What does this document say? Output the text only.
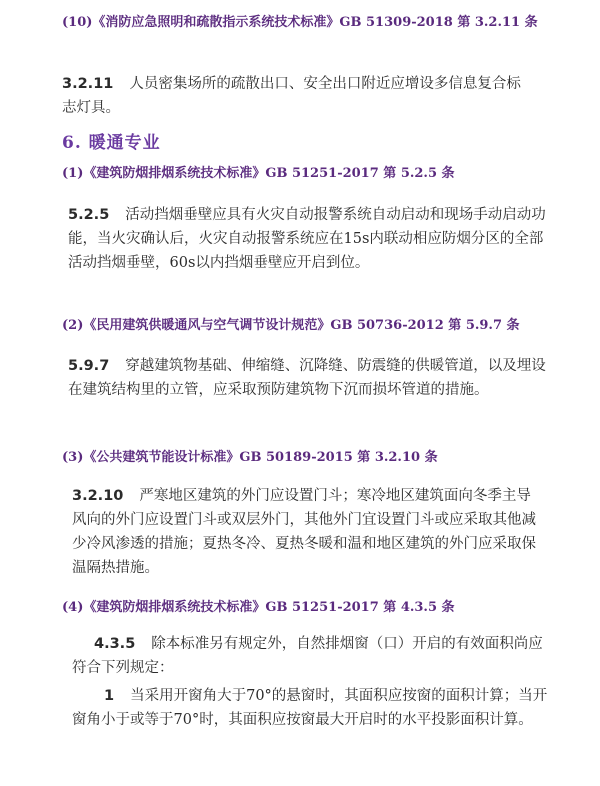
(10)《消防应急照明和疏散指示系统技术标准》GB 51309-2018 第 3.2.11 条
3.2.11 人员密集场所的疏散出口、安全出口附近应增设多信息复合标志灯具。
6. 暖通专业
(1)《建筑防烟排烟系统技术标准》GB 51251-2017 第 5.2.5 条
5.2.5 活动挡烟垂壁应具有火灾自动报警系统自动启动和现场手动启动功能，当火灾确认后，火灾自动报警系统应在15s内联动相应防烟分区的全部活动挡烟垂壁，60s以内挡烟垂壁应开启到位。
(2)《民用建筑供暖通风与空气调节设计规范》GB 50736-2012 第 5.9.7 条
5.9.7 穿越建筑物基础、伸缩缝、沉降缝、防震缝的供暖管道，以及埋设在建筑结构里的立管，应采取预防建筑物下沉而损坏管道的措施。
(3)《公共建筑节能设计标准》GB 50189-2015 第 3.2.10 条
3.2.10 严寒地区建筑的外门应设置门斗；寒冷地区建筑面向冬季主导风向的外门应设置门斗或双层外门，其他外门宜设置门斗或应采取其他减少冷风渗透的措施；夏热冬冷、夏热冬暖和温和地区建筑的外门应采取保温隔热措施。
(4)《建筑防烟排烟系统技术标准》GB 51251-2017 第 4.3.5 条
4.3.5 除本标准另有规定外，自然排烟窗（口）开启的有效面积尚应符合下列规定：
1 当采用开窗角大于70°的悬窗时，其面积应按窗的面积计算；当开窗角小于或等于70°时，其面积应按窗最大开启时的水平投影面积计算。
